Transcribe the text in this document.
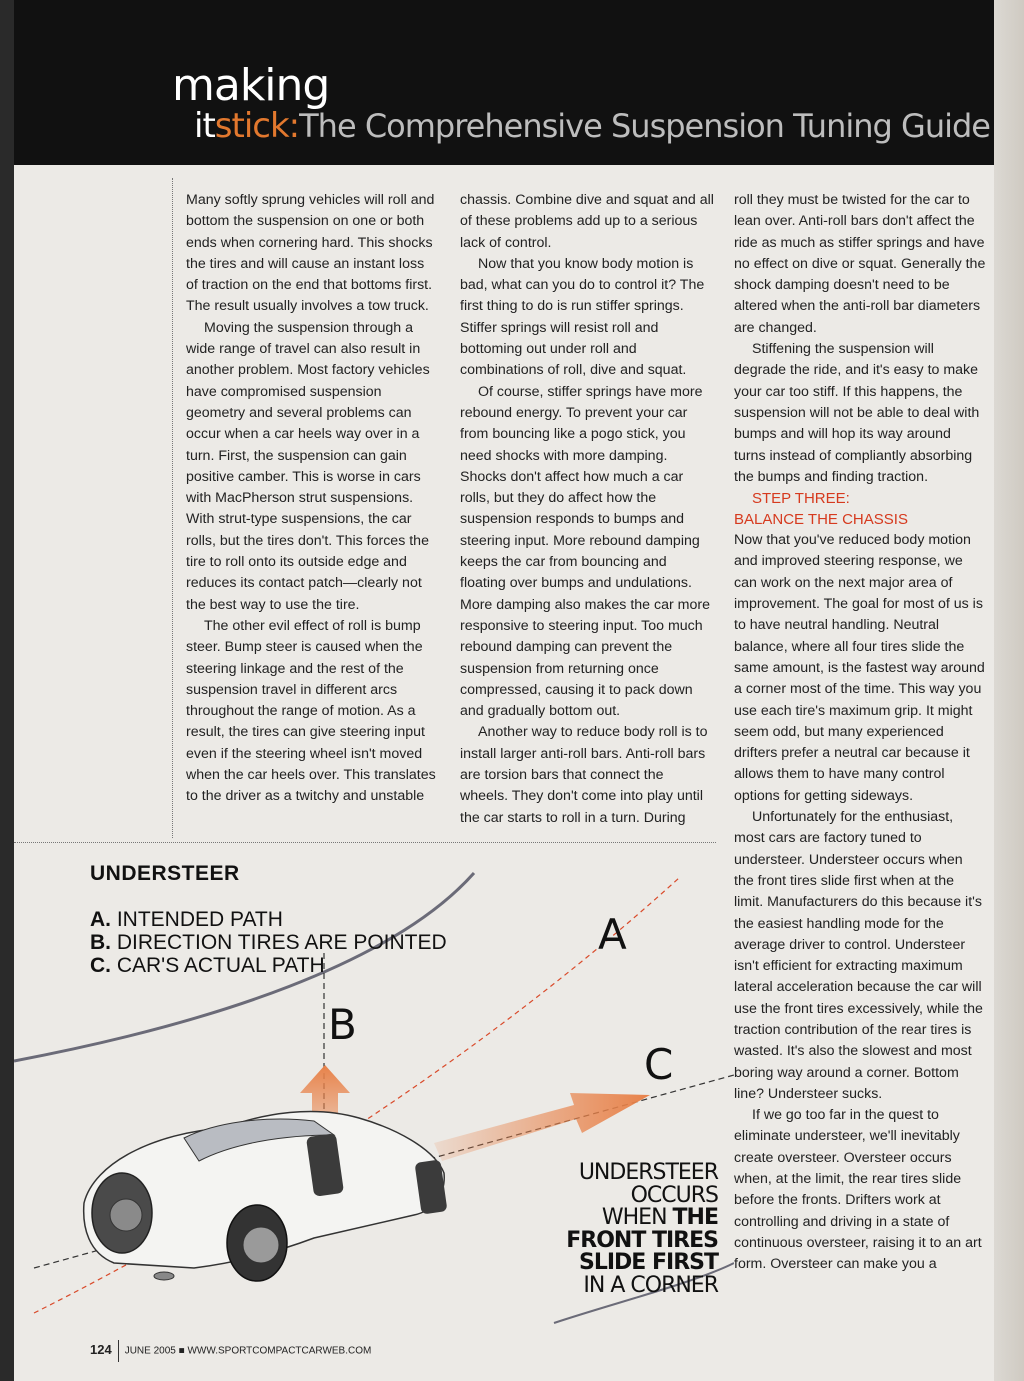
making
itstick:The Comprehensive Suspension Tuning Guide

Many softly sprung vehicles will roll and bottom the suspension on one or both ends when cornering hard. This shocks the tires and will cause an instant loss of traction on the end that bottoms first. The result usually involves a tow truck.

Moving the suspension through a wide range of travel can also result in another problem. Most factory vehicles have compromised suspension geometry and several problems can occur when a car heels way over in a turn. First, the suspension can gain positive camber. This is worse in cars with MacPherson strut suspensions. With strut-type suspensions, the car rolls, but the tires don't. This forces the tire to roll onto its outside edge and reduces its contact patch—clearly not the best way to use the tire.

The other evil effect of roll is bump steer. Bump steer is caused when the steering linkage and the rest of the suspension travel in different arcs throughout the range of motion. As a result, the tires can give steering input even if the steering wheel isn't moved when the car heels over. This translates to the driver as a twitchy and unstable

chassis. Combine dive and squat and all of these problems add up to a serious lack of control.

Now that you know body motion is bad, what can you do to control it? The first thing to do is run stiffer springs. Stiffer springs will resist roll and bottoming out under roll and combinations of roll, dive and squat.

Of course, stiffer springs have more rebound energy. To prevent your car from bouncing like a pogo stick, you need shocks with more damping. Shocks don't affect how much a car rolls, but they do affect how the suspension responds to bumps and steering input. More rebound damping keeps the car from bouncing and floating over bumps and undulations. More damping also makes the car more responsive to steering input. Too much rebound damping can prevent the suspension from returning once compressed, causing it to pack down and gradually bottom out.

Another way to reduce body roll is to install larger anti-roll bars. Anti-roll bars are torsion bars that connect the wheels. They don't come into play until the car starts to roll in a turn. During

roll they must be twisted for the car to lean over. Anti-roll bars don't affect the ride as much as stiffer springs and have no effect on dive or squat. Generally the shock damping doesn't need to be altered when the anti-roll bar diameters are changed.

Stiffening the suspension will degrade the ride, and it's easy to make your car too stiff. If this happens, the suspension will not be able to deal with bumps and will hop its way around turns instead of compliantly absorbing the bumps and finding traction.

STEP THREE:
BALANCE THE CHASSIS

Now that you've reduced body motion and improved steering response, we can work on the next major area of improvement. The goal for most of us is to have neutral handling. Neutral balance, where all four tires slide the same amount, is the fastest way around a corner most of the time. This way you use each tire's maximum grip. It might seem odd, but many experienced drifters prefer a neutral car because it allows them to have many control options for getting sideways.

Unfortunately for the enthusiast, most cars are factory tuned to understeer. Understeer occurs when the front tires slide first when at the limit. Manufacturers do this because it's the easiest handling mode for the average driver to control. Understeer isn't efficient for extracting maximum lateral acceleration because the car will use the front tires excessively, while the traction contribution of the rear tires is wasted. It's also the slowest and most boring way around a corner. Bottom line? Understeer sucks.

If we go too far in the quest to eliminate understeer, we'll inevitably create oversteer. Oversteer occurs when, at the limit, the rear tires slide before the fronts. Drifters work at controlling and driving in a state of continuous oversteer, raising it to an art form. Oversteer can make you a

UNDERSTEER
A. INTENDED PATH
B. DIRECTION TIRES ARE POINTED
C. CAR'S ACTUAL PATH
A
B
C
UNDERSTEER
OCCURS
WHEN THE
FRONT TIRES
SLIDE FIRST
IN A CORNER
124 JUNE 2005 ■ WWW.SPORTCOMPACTCARWEB.COM
